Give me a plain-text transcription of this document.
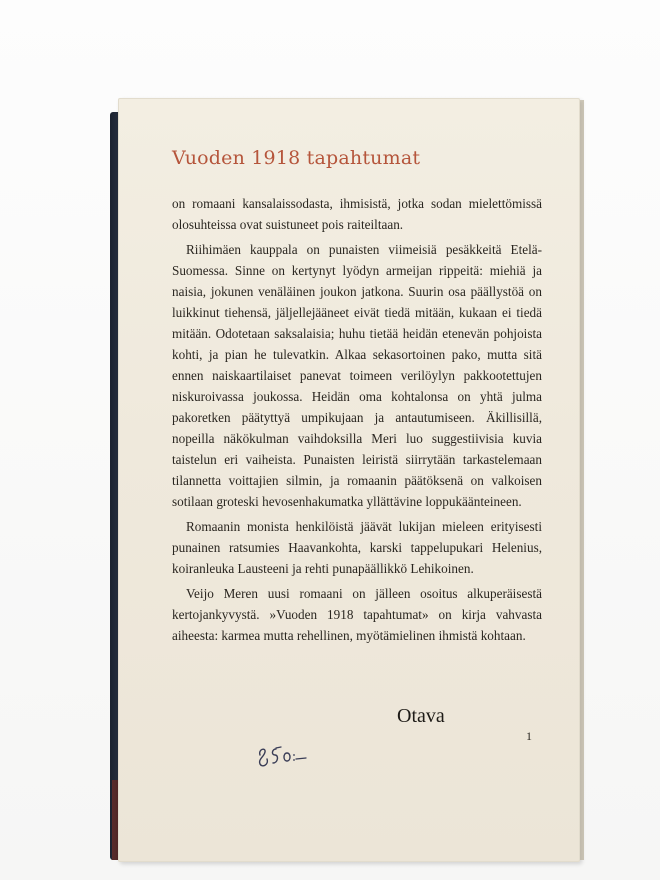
Vuoden 1918 tapahtumat

on romaani kansalaissodasta, ihmisistä, jotka sodan mielettömissä olosuhteissa ovat suistuneet pois raiteiltaan.

Riihimäen kauppala on punaisten viimeisiä pesäkkeitä Etelä-Suomessa. Sinne on kertynyt lyödyn armeijan rippeitä: miehiä ja naisia, jokunen venäläinen joukon jatkona. Suurin osa päällystöä on luikkinut tiehensä, jäljellejääneet eivät tiedä mitään, kukaan ei tiedä mitään. Odotetaan saksalaisia; huhu tietää heidän etenevän pohjoista kohti, ja pian he tulevatkin. Alkaa sekasortoinen pako, mutta sitä ennen naiskaartilaiset panevat toimeen verilöylyn pakkootettujen niskuroivassa joukossa. Heidän oma kohtalonsa on yhtä julma pakoretken päätyttyä umpikujaan ja antautumiseen. Äkillisillä, nopeilla näkökulman vaihdoksilla Meri luo suggestiivisia kuvia taistelun eri vaiheista. Punaisten leiristä siirrytään tarkastelemaan tilannetta voittajien silmin, ja romaanin päätöksenä on valkoisen sotilaan groteski hevosenhakumatka yllättävine loppukäänteineen.

Romaanin monista henkilöistä jäävät lukijan mieleen erityisesti punainen ratsumies Haavankohta, karski tappelupukari Helenius, koiranleuka Lausteeni ja rehti punapäällikkö Lehikoinen.

Veijo Meren uusi romaani on jälleen osoitus alkuperäisestä kertojankyvystä. »Vuoden 1918 tapahtumat» on kirja vahvasta aiheesta: karmea mutta rehellinen, myötämielinen ihmistä kohtaan.

Otava
1
